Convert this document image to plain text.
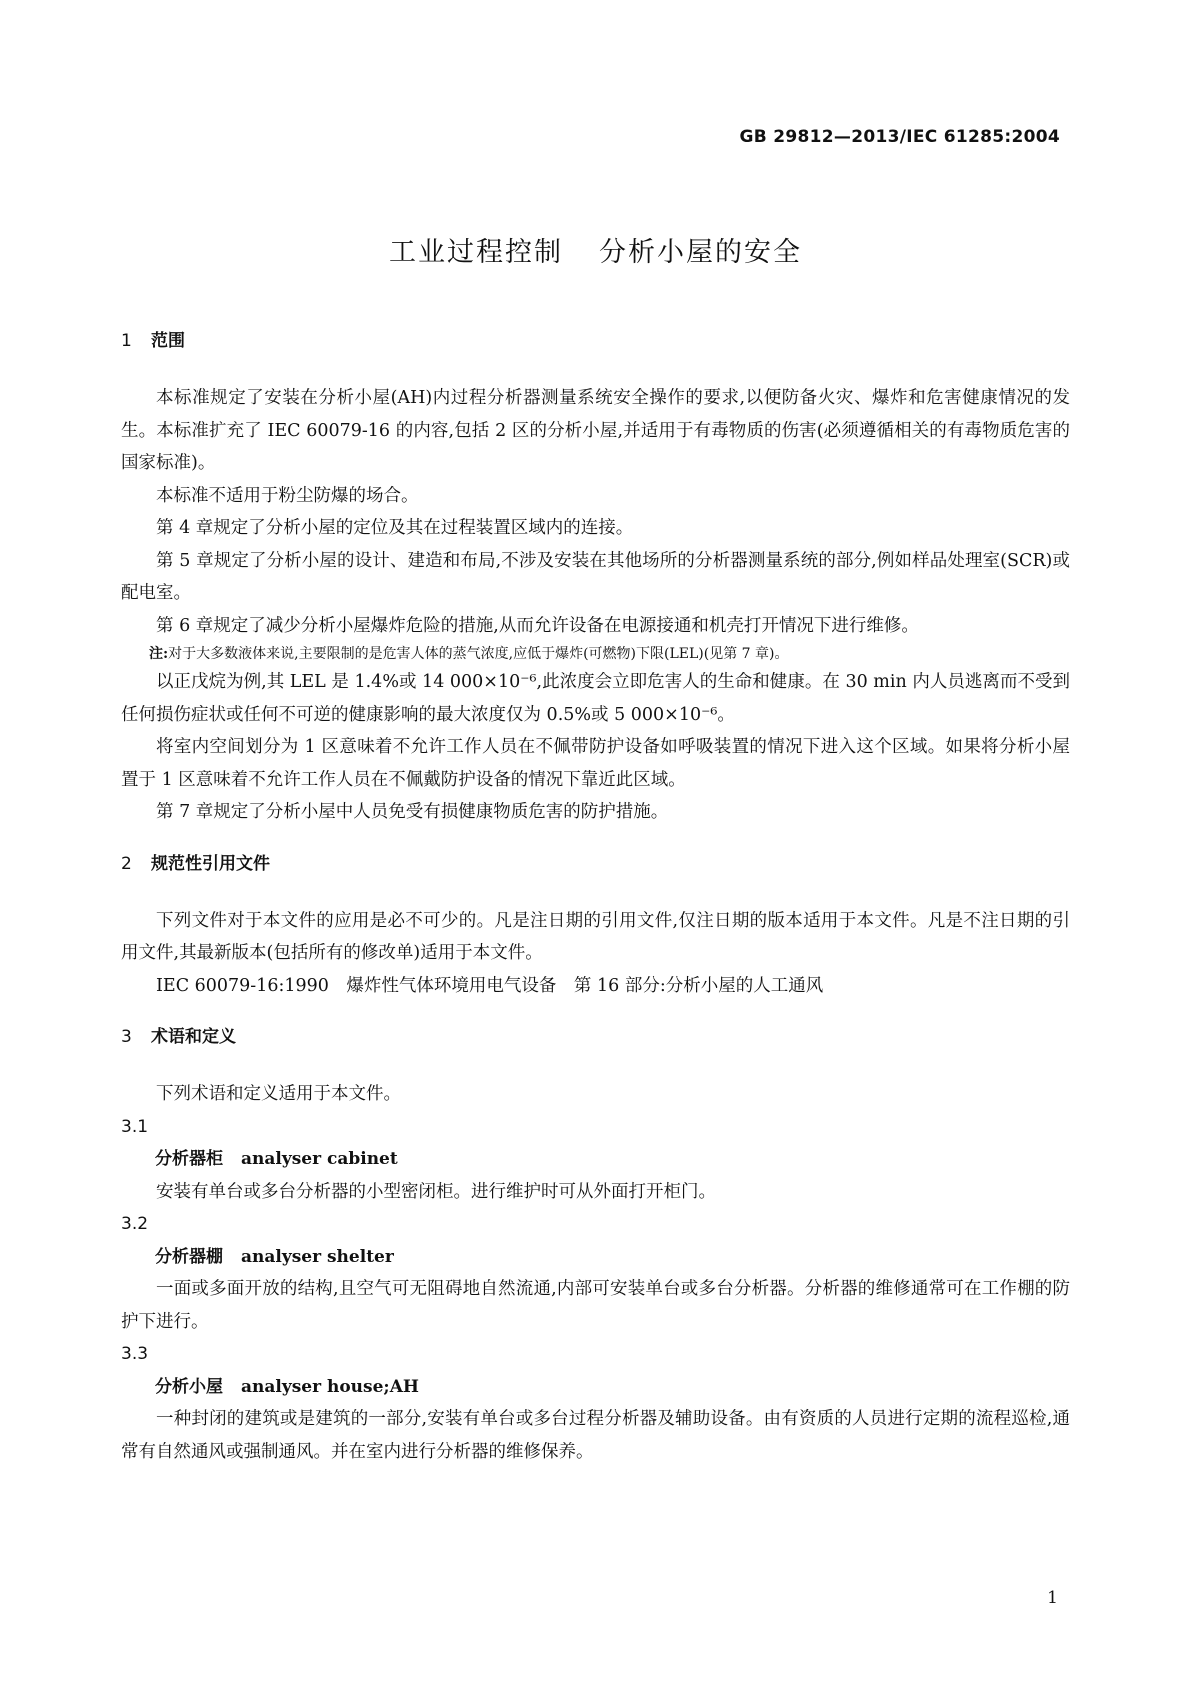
GB 29812—2013/IEC 61285:2004
工业过程控制 分析小屋的安全
1 范围

本标准规定了安装在分析小屋(AH)内过程分析器测量系统安全操作的要求,以便防备火灾、爆炸和危害健康情况的发生。本标准扩充了 IEC 60079-16 的内容,包括 2 区的分析小屋,并适用于有毒物质的伤害(必须遵循相关的有毒物质危害的国家标准)。

本标准不适用于粉尘防爆的场合。

第 4 章规定了分析小屋的定位及其在过程装置区域内的连接。

第 5 章规定了分析小屋的设计、建造和布局,不涉及安装在其他场所的分析器测量系统的部分,例如样品处理室(SCR)或配电室。

第 6 章规定了减少分析小屋爆炸危险的措施,从而允许设备在电源接通和机壳打开情况下进行维修。

注:对于大多数液体来说,主要限制的是危害人体的蒸气浓度,应低于爆炸(可燃物)下限(LEL)(见第 7 章)。

以正戊烷为例,其 LEL 是 1.4%或 14 000×10⁻⁶,此浓度会立即危害人的生命和健康。在 30 min 内人员逃离而不受到任何损伤症状或任何不可逆的健康影响的最大浓度仅为 0.5%或 5 000×10⁻⁶。

将室内空间划分为 1 区意味着不允许工作人员在不佩带防护设备如呼吸装置的情况下进入这个区域。如果将分析小屋置于 1 区意味着不允许工作人员在不佩戴防护设备的情况下靠近此区域。

第 7 章规定了分析小屋中人员免受有损健康物质危害的防护措施。

2 规范性引用文件

下列文件对于本文件的应用是必不可少的。凡是注日期的引用文件,仅注日期的版本适用于本文件。凡是不注日期的引用文件,其最新版本(包括所有的修改单)适用于本文件。

IEC 60079-16:1990　爆炸性气体环境用电气设备　第 16 部分:分析小屋的人工通风

3 术语和定义

下列术语和定义适用于本文件。

3.1
分析器柜 analyser cabinet

安装有单台或多台分析器的小型密闭柜。进行维护时可从外面打开柜门。

3.2
分析器棚 analyser shelter

一面或多面开放的结构,且空气可无阻碍地自然流通,内部可安装单台或多台分析器。分析器的维修通常可在工作棚的防护下进行。

3.3
分析小屋 analyser house;AH

一种封闭的建筑或是建筑的一部分,安装有单台或多台过程分析器及辅助设备。由有资质的人员进行定期的流程巡检,通常有自然通风或强制通风。并在室内进行分析器的维修保养。

1
